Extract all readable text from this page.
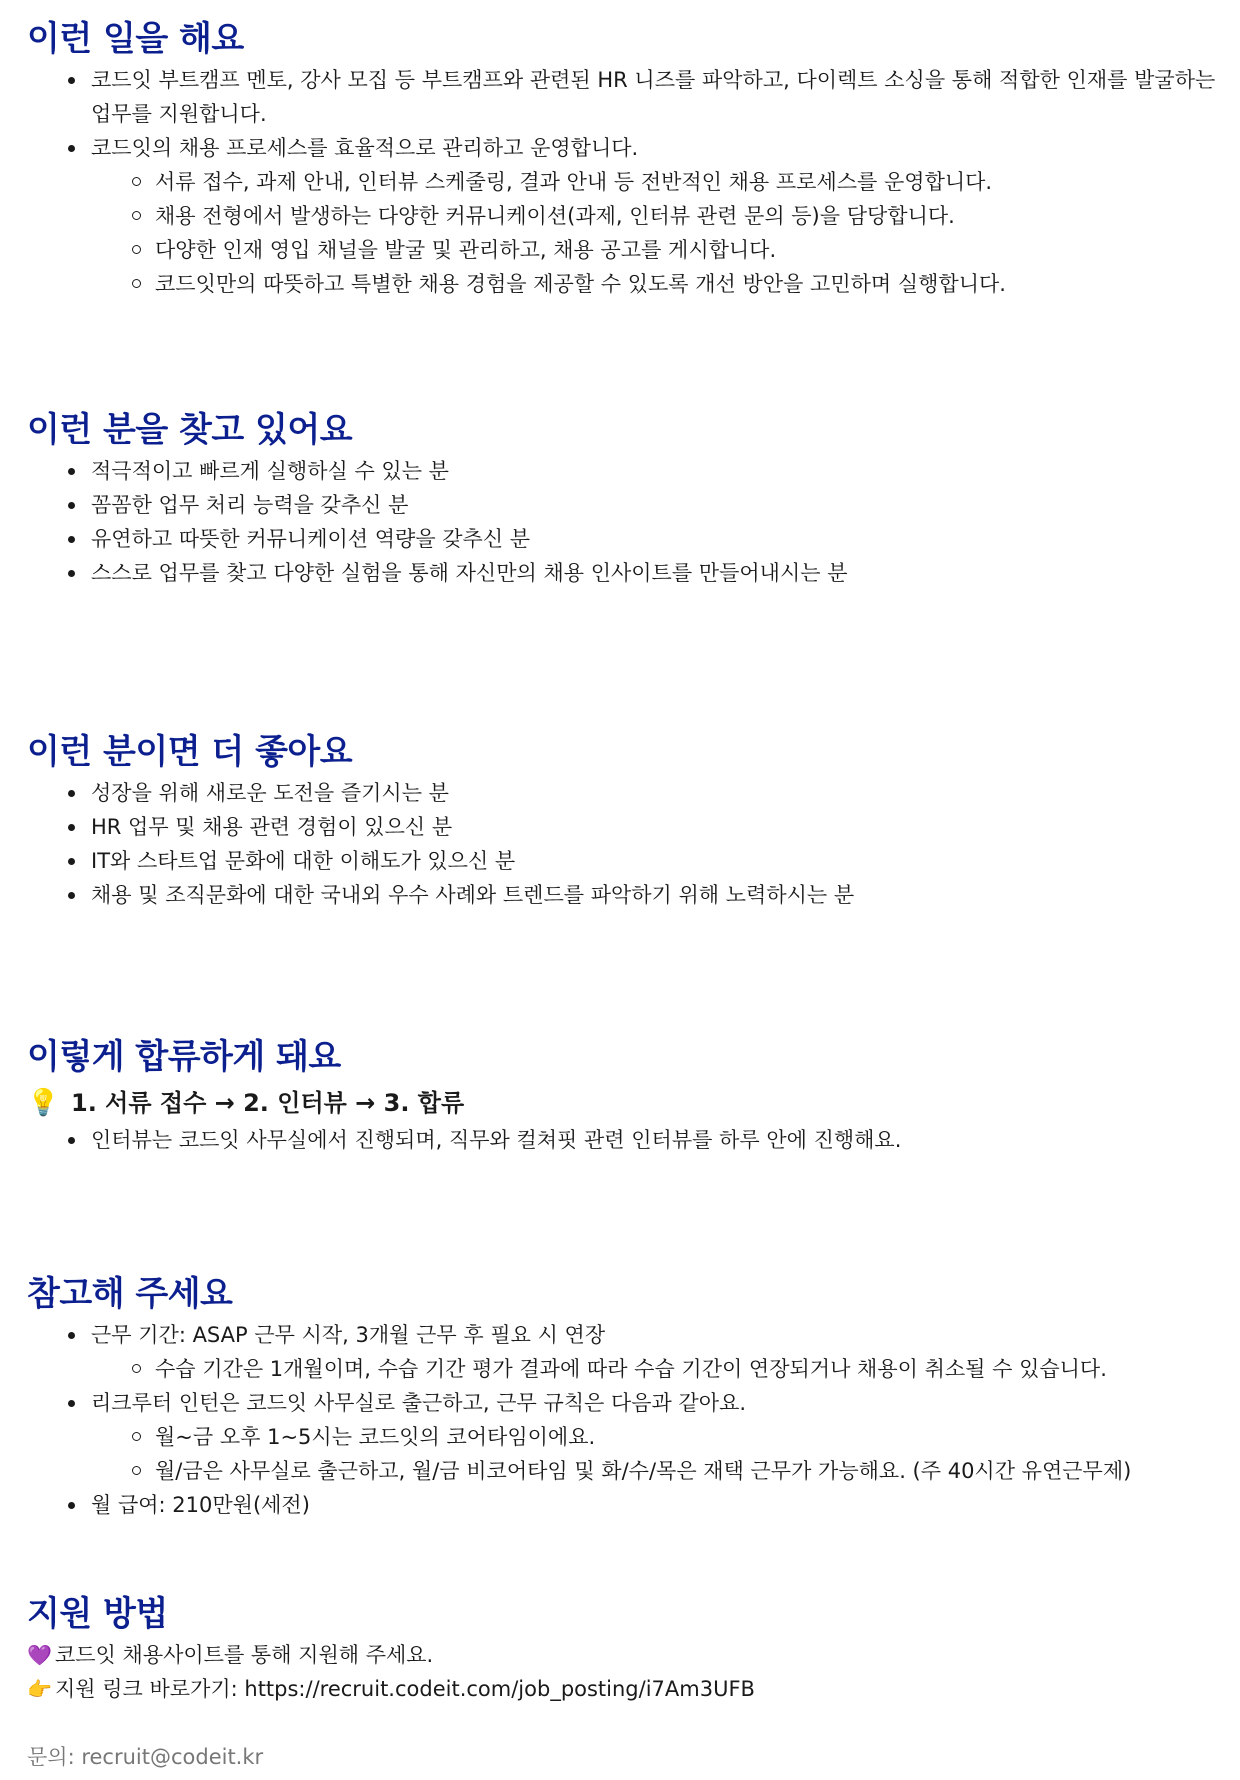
이런 일을 해요
코드잇 부트캠프 멘토, 강사 모집 등 부트캠프와 관련된 HR 니즈를 파악하고, 다이렉트 소싱을 통해 적합한 인재를 발굴하는 업무를 지원합니다.
코드잇의 채용 프로세스를 효율적으로 관리하고 운영합니다.
서류 접수, 과제 안내, 인터뷰 스케줄링, 결과 안내 등 전반적인 채용 프로세스를 운영합니다.
채용 전형에서 발생하는 다양한 커뮤니케이션(과제, 인터뷰 관련 문의 등)을 담당합니다.
다양한 인재 영입 채널을 발굴 및 관리하고, 채용 공고를 게시합니다.
코드잇만의 따뜻하고 특별한 채용 경험을 제공할 수 있도록 개선 방안을 고민하며 실행합니다.
이런 분을 찾고 있어요
적극적이고 빠르게 실행하실 수 있는 분
꼼꼼한 업무 처리 능력을 갖추신 분
유연하고 따뜻한 커뮤니케이션 역량을 갖추신 분
스스로 업무를 찾고 다양한 실험을 통해 자신만의 채용 인사이트를 만들어내시는 분
이런 분이면 더 좋아요
성장을 위해 새로운 도전을 즐기시는 분
HR 업무 및 채용 관련 경험이 있으신 분
IT와 스타트업 문화에 대한 이해도가 있으신 분
채용 및 조직문화에 대한 국내외 우수 사례와 트렌드를 파악하기 위해 노력하시는 분
이렇게 합류하게 돼요
💡 1. 서류 접수 → 2. 인터뷰 → 3. 합류
인터뷰는 코드잇 사무실에서 진행되며, 직무와 컬쳐핏 관련 인터뷰를 하루 안에 진행해요.
참고해 주세요
근무 기간: ASAP 근무 시작, 3개월 근무 후 필요 시 연장
수습 기간은 1개월이며, 수습 기간 평가 결과에 따라 수습 기간이 연장되거나 채용이 취소될 수 있습니다.
리크루터 인턴은 코드잇 사무실로 출근하고, 근무 규칙은 다음과 같아요.
월~금 오후 1~5시는 코드잇의 코어타임이에요.
월/금은 사무실로 출근하고, 월/금 비코어타임 및 화/수/목은 재택 근무가 가능해요. (주 40시간 유연근무제)
월 급여: 210만원(세전)
지원 방법
💜 코드잇 채용사이트를 통해 지원해 주세요.
👉 지원 링크 바로가기: https://recruit.codeit.com/job_posting/i7Am3UFB
문의: recruit@codeit.kr
